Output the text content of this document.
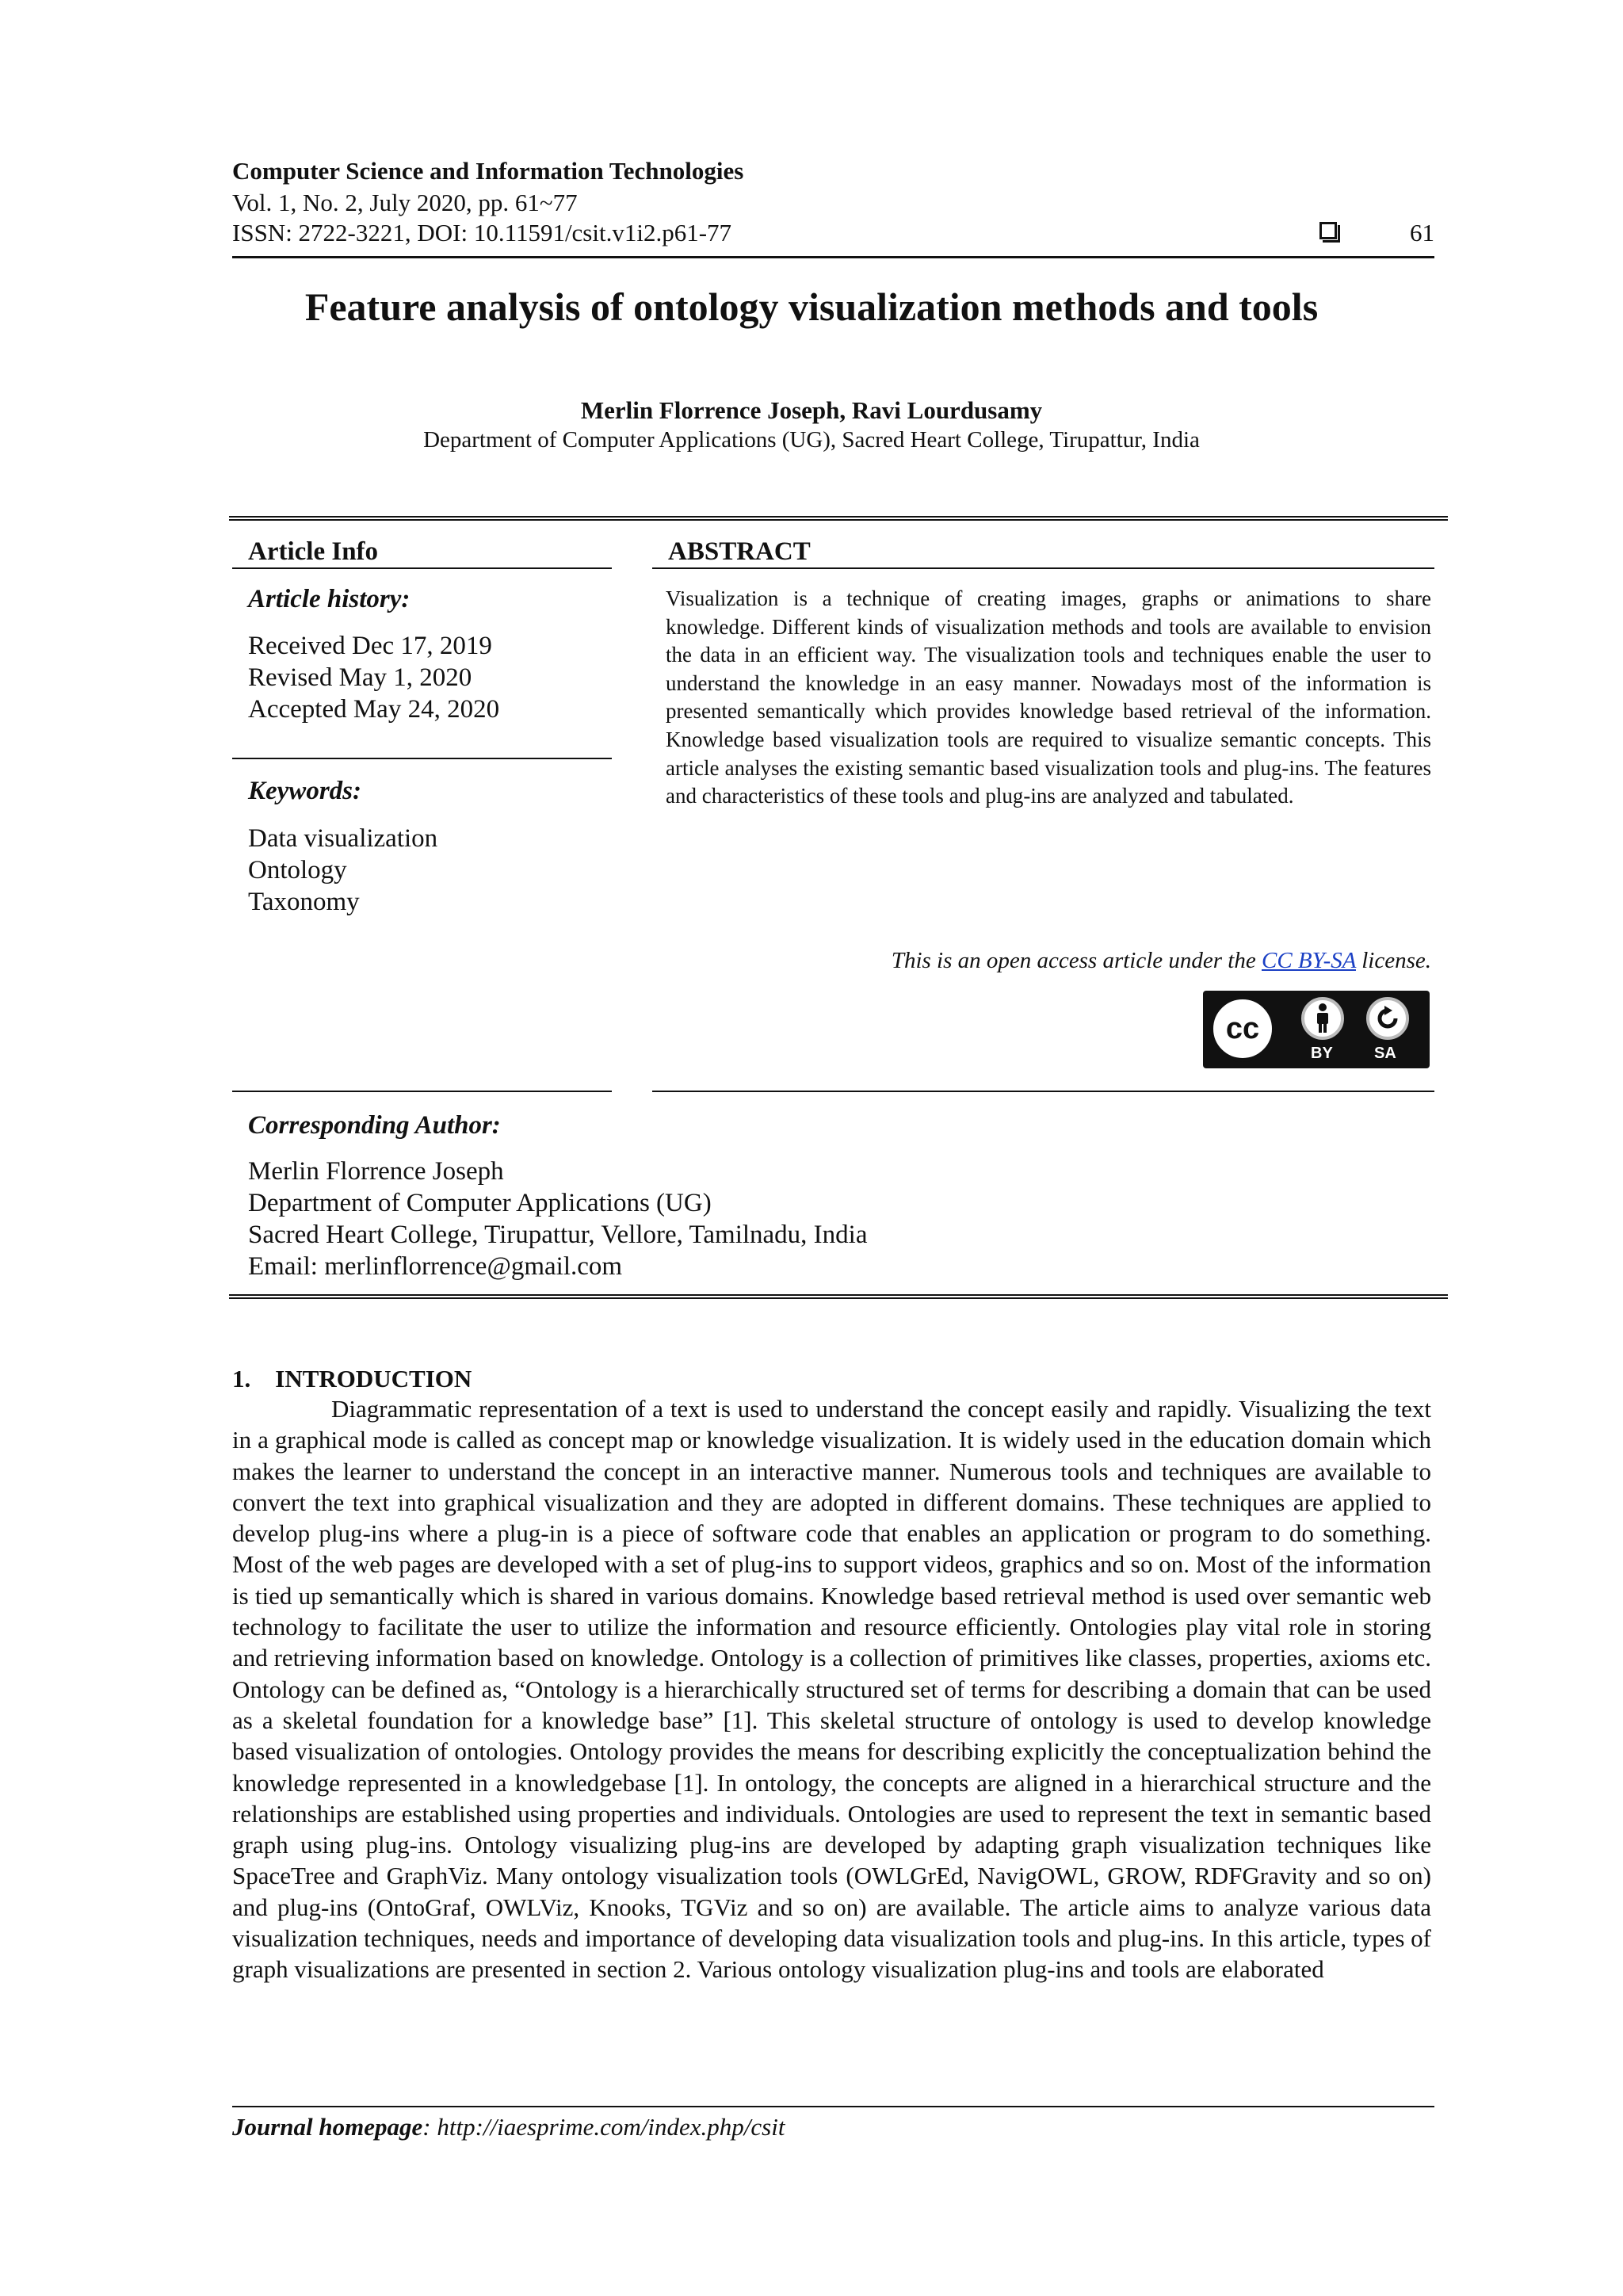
Computer Science and Information Technologies
Vol. 1, No. 2, July 2020, pp. 61~77
ISSN: 2722-3221, DOI: 10.11591/csit.v1i2.p61-77	61
Feature analysis of ontology visualization methods and tools
Merlin Florrence Joseph, Ravi Lourdusamy
Department of Computer Applications (UG), Sacred Heart College, Tirupattur, India
Article Info
Article history:
Received Dec 17, 2019
Revised May 1, 2020
Accepted May 24, 2020
Keywords:
Data visualization
Ontology
Taxonomy
ABSTRACT
Visualization is a technique of creating images, graphs or animations to share knowledge. Different kinds of visualization methods and tools are available to envision the data in an efficient way. The visualization tools and techniques enable the user to understand the knowledge in an easy manner. Nowadays most of the information is presented semantically which provides knowledge based retrieval of the information. Knowledge based visualization tools are required to visualize semantic concepts. This article analyses the existing semantic based visualization tools and plug-ins. The features and characteristics of these tools and plug-ins are analyzed and tabulated.
This is an open access article under the CC BY-SA license.
cc
BY	SA
Corresponding Author:
Merlin Florrence Joseph
Department of Computer Applications (UG)
Sacred Heart College, Tirupattur, Vellore, Tamilnadu, India
Email: merlinflorrence@gmail.com
1.    INTRODUCTION

Diagrammatic representation of a text is used to understand the concept easily and rapidly. Visualizing the text in a graphical mode is called as concept map or knowledge visualization. It is widely used in the education domain which makes the learner to understand the concept in an interactive manner. Numerous tools and techniques are available to convert the text into graphical visualization and they are adopted in different domains. These techniques are applied to develop plug-ins where a plug-in is a piece of software code that enables an application or program to do something. Most of the web pages are developed with a set of plug-ins to support videos, graphics and so on. Most of the information is tied up semantically which is shared in various domains. Knowledge based retrieval method is used over semantic web technology to facilitate the user to utilize the information and resource efficiently. Ontologies play vital role in storing and retrieving information based on knowledge. Ontology is a collection of primitives like classes, properties, axioms etc. Ontology can be defined as, “Ontology is a hierarchically structured set of terms for describing a domain that can be used as a skeletal foundation for a knowledge base” [1]. This skeletal structure of ontology is used to develop knowledge based visualization of ontologies. Ontology provides the means for describing explicitly the conceptualization behind the knowledge represented in a knowledgebase [1]. In ontology, the concepts are aligned in a hierarchical structure and the relationships are established using properties and individuals. Ontologies are used to represent the text in semantic based graph using plug-ins. Ontology visualizing plug-ins are developed by adapting graph visualization techniques like SpaceTree and GraphViz. Many ontology visualization tools (OWLGrEd, NavigOWL, GROW, RDFGravity and so on) and plug-ins (OntoGraf, OWLViz, Knooks, TGViz and so on) are available. The article aims to analyze various data visualization techniques, needs and importance of developing data visualization tools and plug-ins. In this article, types of graph visualizations are presented in section 2. Various ontology visualization plug-ins and tools are elaborated

Journal homepage: http://iaesprime.com/index.php/csit
